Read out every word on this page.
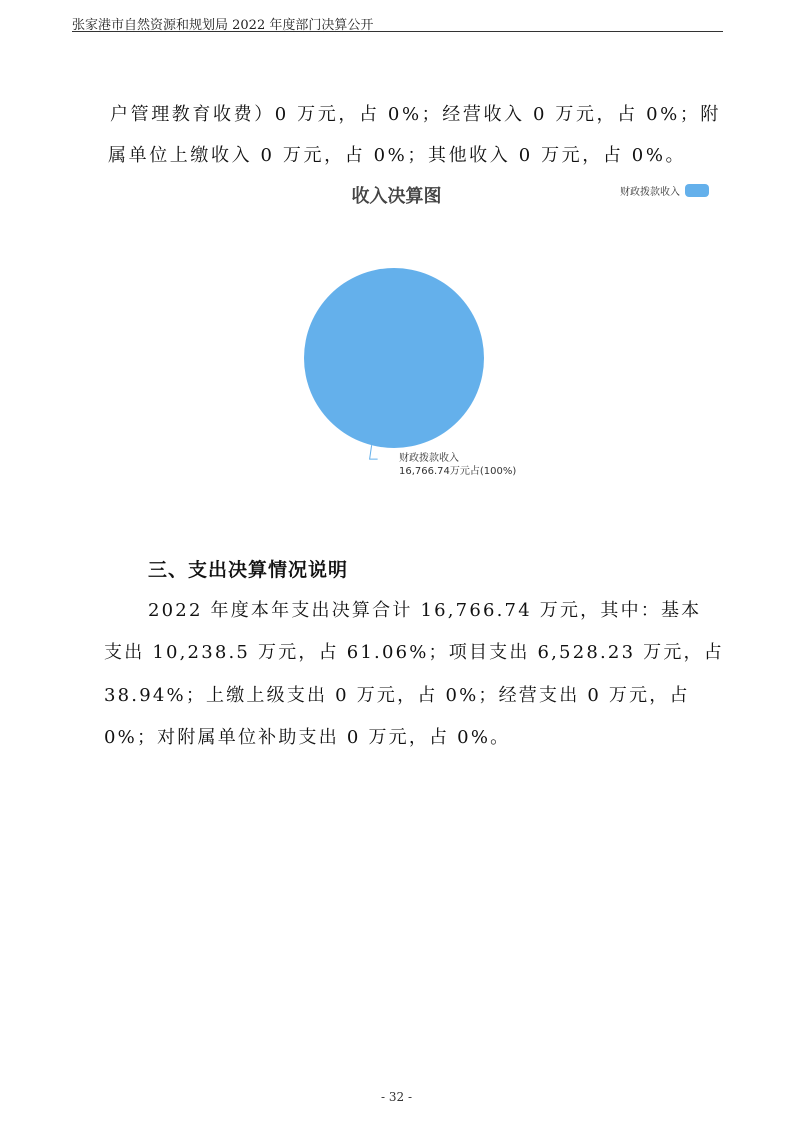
张家港市自然资源和规划局 2022 年度部门决算公开
户管理教育收费）0 万元，占 0%；经营收入 0 万元，占 0%；附
属单位上缴收入 0 万元，占 0%；其他收入 0 万元，占 0%。
收入决算图	财政拨款收入
财政拨款收入
16,766.74万元占(100%)
三、支出决算情况说明
2022 年度本年支出决算合计 16,766.74 万元，其中：基本
支出 10,238.5 万元，占 61.06%；项目支出 6,528.23 万元，占
38.94%；上缴上级支出 0 万元，占 0%；经营支出 0 万元，占
0%；对附属单位补助支出 0 万元，占 0%。
- 32 -
